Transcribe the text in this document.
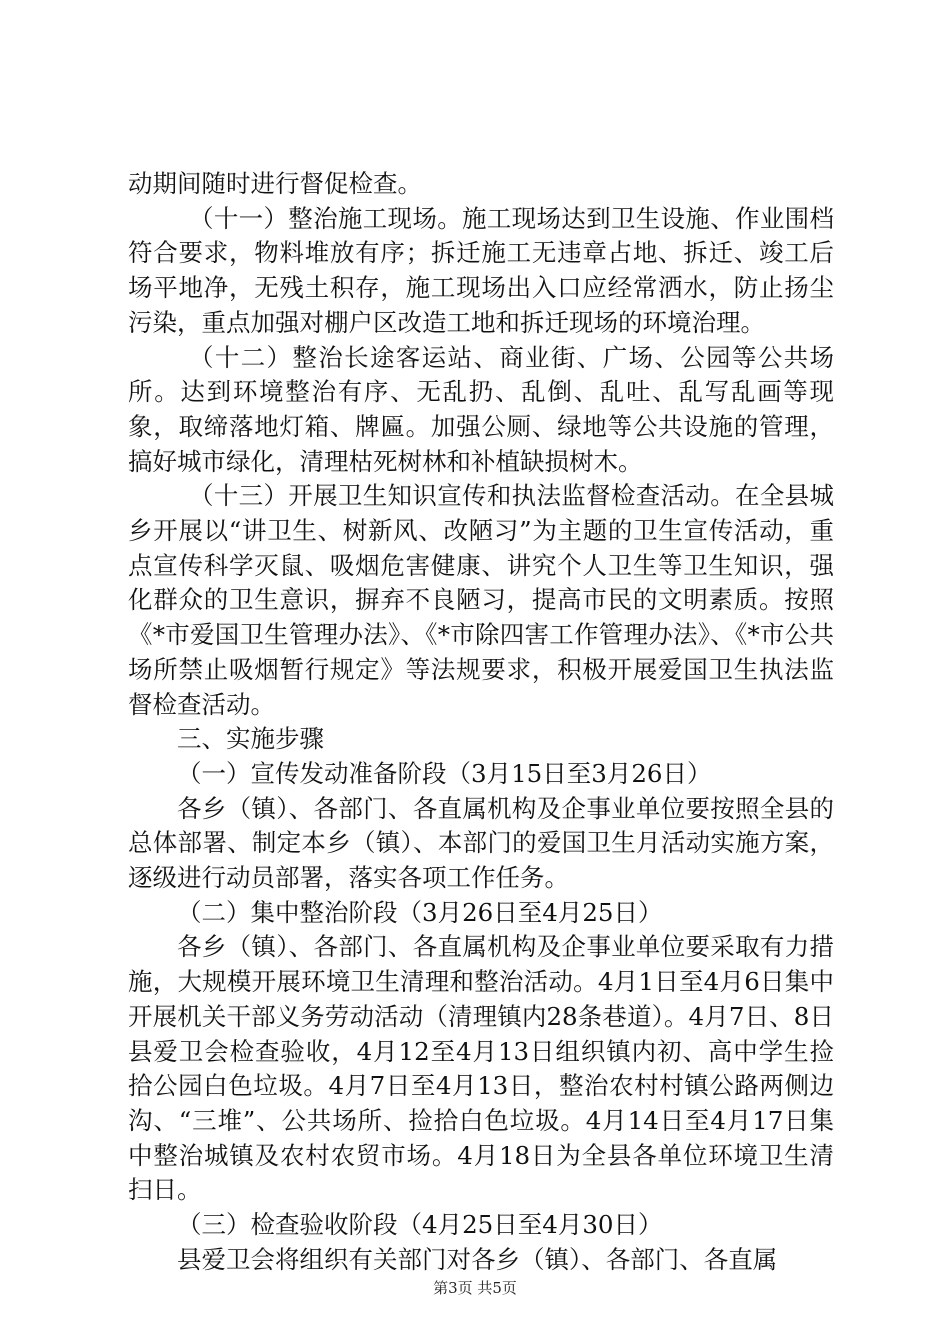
动期间随时进行督促检查。

（十一）整治施工现场。施工现场达到卫生设施、作业围档符合要求，物料堆放有序；拆迁施工无违章占地、拆迁、竣工后场平地净，无残土积存，施工现场出入口应经常洒水，防止扬尘污染，重点加强对棚户区改造工地和拆迁现场的环境治理。

（十二）整治长途客运站、商业街、广场、公园等公共场所。达到环境整治有序、无乱扔、乱倒、乱吐、乱写乱画等现象，取缔落地灯箱、牌匾。加强公厕、绿地等公共设施的管理，搞好城市绿化，清理枯死树林和补植缺损树木。

（十三）开展卫生知识宣传和执法监督检查活动。在全县城乡开展以“讲卫生、树新风、改陋习”为主题的卫生宣传活动，重点宣传科学灭鼠、吸烟危害健康、讲究个人卫生等卫生知识，强化群众的卫生意识，摒弃不良陋习，提高市民的文明素质。按照《*市爱国卫生管理办法》、《*市除四害工作管理办法》、《*市公共场所禁止吸烟暂行规定》等法规要求，积极开展爱国卫生执法监督检查活动。

三、实施步骤

（一）宣传发动准备阶段（3月15日至3月26日）

各乡（镇）、各部门、各直属机构及企事业单位要按照全县的总体部署、制定本乡（镇）、本部门的爱国卫生月活动实施方案，逐级进行动员部署，落实各项工作任务。

（二）集中整治阶段（3月26日至4月25日）

各乡（镇）、各部门、各直属机构及企事业单位要采取有力措施，大规模开展环境卫生清理和整治活动。4月1日至4月6日集中开展机关干部义务劳动活动（清理镇内28条巷道）。4月7日、8日县爱卫会检查验收，4月12至4月13日组织镇内初、高中学生捡拾公园白色垃圾。4月7日至4月13日，整治农村村镇公路两侧边沟、“三堆”、公共场所、捡拾白色垃圾。4月14日至4月17日集中整治城镇及农村农贸市场。4月18日为全县各单位环境卫生清扫日。

（三）检查验收阶段（4月25日至4月30日）

县爱卫会将组织有关部门对各乡（镇）、各部门、各直属

第3页 共5页
